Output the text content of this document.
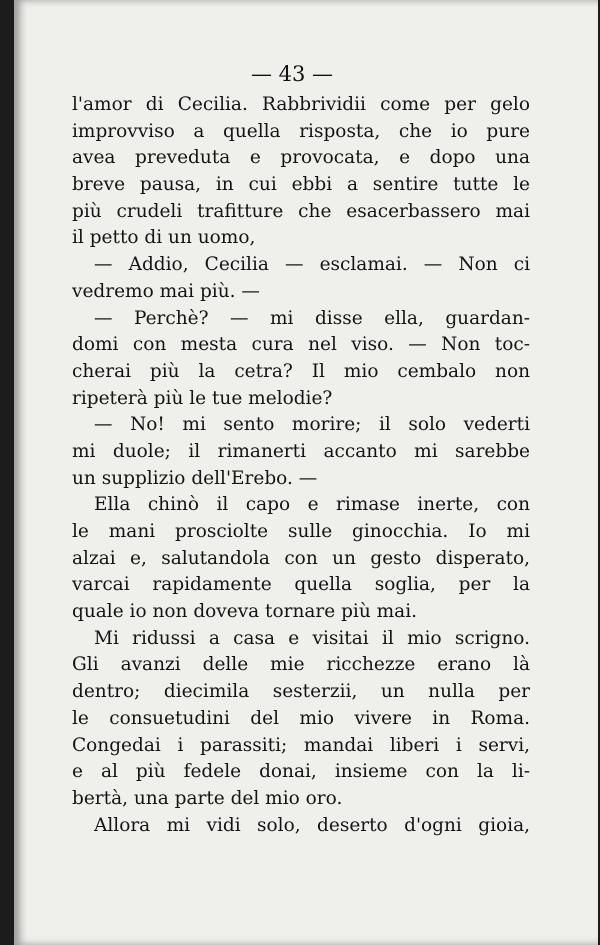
— 43 —
l'amor di Cecilia. Rabbrividii come per gelo
improvviso a quella risposta, che io pure
avea preveduta e provocata, e dopo una
breve pausa, in cui ebbi a sentire tutte le
più crudeli trafitture che esacerbassero mai
il petto di un uomo,
— Addio, Cecilia — esclamai. — Non ci
vedremo mai più. —
— Perchè? — mi disse ella, guardan-
domi con mesta cura nel viso. — Non toc-
cherai più la cetra? Il mio cembalo non
ripeterà più le tue melodie?
— No! mi sento morire; il solo vederti
mi duole; il rimanerti accanto mi sarebbe
un supplizio dell'Erebo. —
Ella chinò il capo e rimase inerte, con
le mani prosciolte sulle ginocchia. Io mi
alzai e, salutandola con un gesto disperato,
varcai rapidamente quella soglia, per la
quale io non doveva tornare più mai.
Mi ridussi a casa e visitai il mio scrigno.
Gli avanzi delle mie ricchezze erano là
dentro; diecimila sesterzii, un nulla per
le consuetudini del mio vivere in Roma.
Congedai i parassiti; mandai liberi i servi,
e al più fedele donai, insieme con la li-
bertà, una parte del mio oro.
Allora mi vidi solo, deserto d'ogni gioia,
